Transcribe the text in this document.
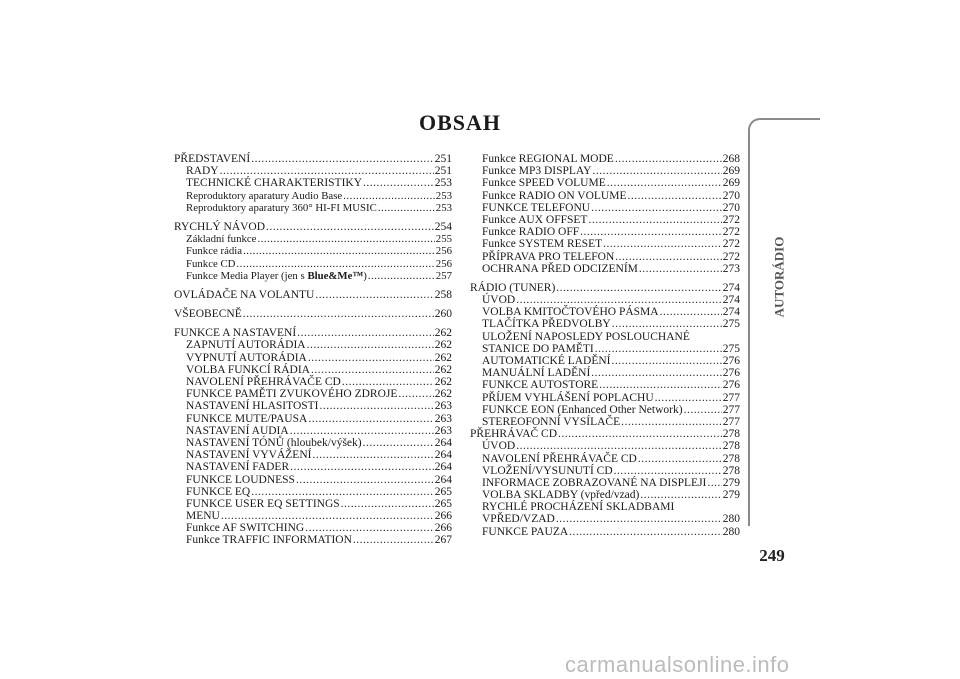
OBSAH
PŘEDSTAVENÍ .....	251
RADY .....	251
TECHNICKÉ CHARAKTERISTIKY .....	253
Reproduktory aparatury Audio Base .....	253
Reproduktory aparatury 360° HI-FI MUSIC .....	253
RYCHLÝ NÁVOD .....	254
Základní funkce .....	255
Funkce rádia .....	256
Funkce CD .....	256
Funkce Media Player (jen s Blue&Me™) .....	257
OVLÁDAČE NA VOLANTU .....	258
VŠEOBECNĚ .....	260
FUNKCE A NASTAVENÍ .....	262
ZAPNUTÍ AUTORÁDIA .....	262
VYPNUTÍ AUTORÁDIA .....	262
VOLBA FUNKCÍ RÁDIA .....	262
NAVOLENÍ PŘEHRÁVAČE CD .....	262
FUNKCE PAMĚTI ZVUKOVÉHO ZDROJE .....	262
NASTAVENÍ HLASITOSTI .....	263
FUNKCE MUTE/PAUSA .....	263
NASTAVENÍ AUDIA .....	263
NASTAVENÍ TÓNŮ (hloubek/výšek) .....	264
NASTAVENÍ VYVÁŽENÍ .....	264
NASTAVENÍ FADER .....	264
FUNKCE LOUDNESS .....	264
FUNKCE EQ .....	265
FUNKCE USER EQ SETTINGS .....	265
MENU .....	266
Funkce AF SWITCHING .....	266
Funkce TRAFFIC INFORMATION .....	267
Funkce REGIONAL MODE .....	268
Funkce MP3 DISPLAY .....	269
Funkce SPEED VOLUME .....	269
Funkce RADIO ON VOLUME .....	270
FUNKCE TELEFONU .....	270
Funkce AUX OFFSET .....	272
Funkce RADIO OFF .....	272
Funkce SYSTEM RESET .....	272
PŘÍPRAVA PRO TELEFON .....	272
OCHRANA PŘED ODCIZENÍM .....	273
RÁDIO (TUNER) .....	274
ÚVOD .....	274
VOLBA KMITOČTOVÉHO PÁSMA .....	274
TLAČÍTKA PŘEDVOLBY .....	275
ULOŽENÍ NAPOSLEDY POSLOUCHANÉ
STANICE DO PAMĚTI .....	275
AUTOMATICKÉ LADĚNÍ .....	276
MANUÁLNÍ LADĚNÍ .....	276
FUNKCE AUTOSTORE .....	276
PŘÍJEM VYHLÁŠENÍ POPLACHU .....	277
FUNKCE EON (Enhanced Other Network) .....	277
STEREOFONNÍ VYSÍLAČE .....	277
PŘEHRÁVAČ CD .....	278
ÚVOD .....	278
NAVOLENÍ PŘEHRÁVAČE CD .....	278
VLOŽENÍ/VYSUNUTÍ CD .....	278
INFORMACE ZOBRAZOVANÉ NA DISPLEJI ..... 279
VOLBA SKLADBY (vpřed/vzad) .....	279
RYCHLÉ PROCHÁZENÍ SKLADBAMI
VPŘED/VZAD .....	280
FUNKCE PAUZA .....	280
AUTORÁDIO
249
carmanualsonline.info
